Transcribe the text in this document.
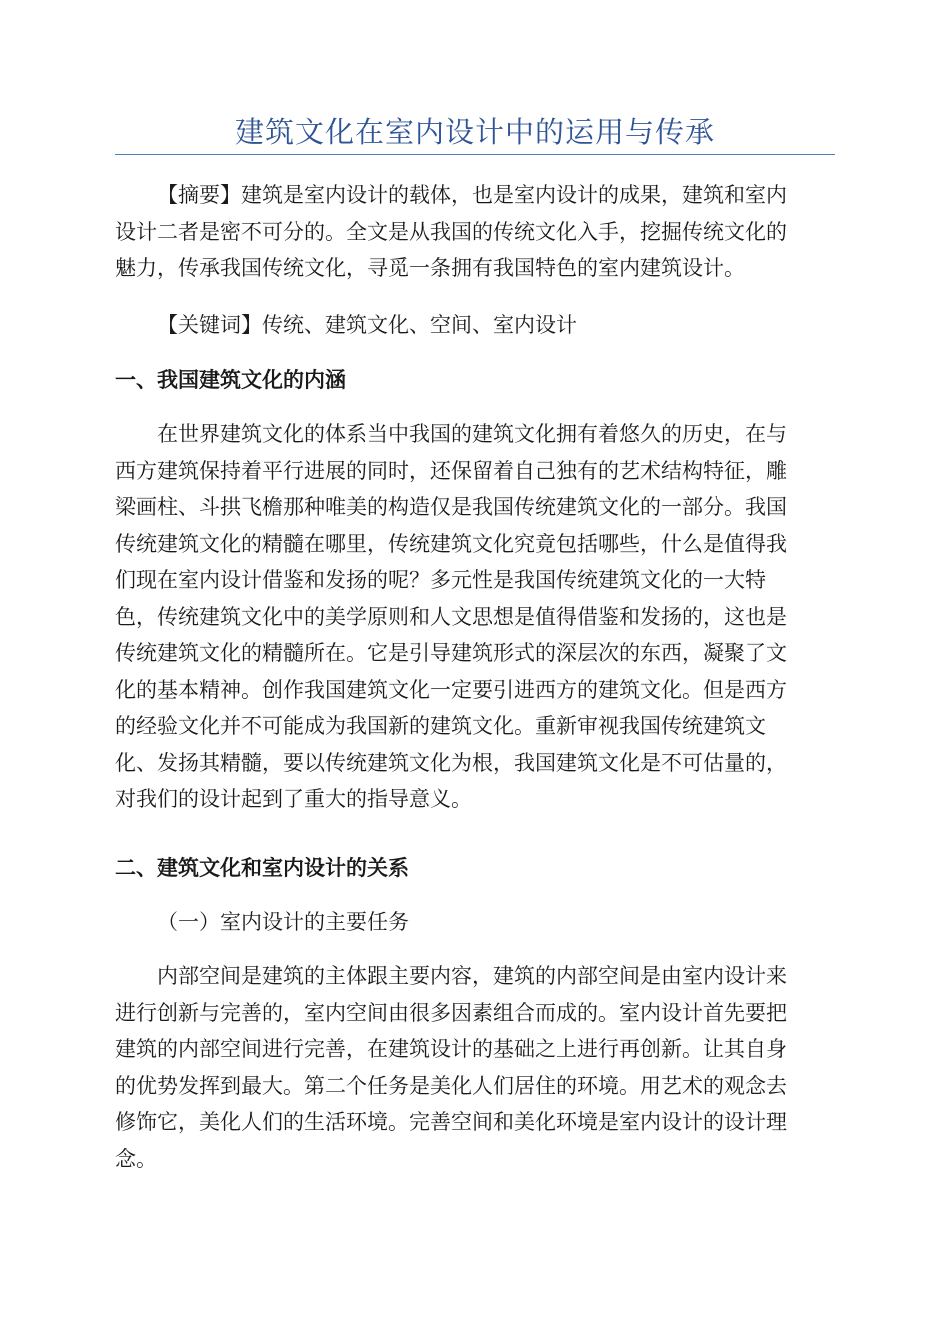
建筑文化在室内设计中的运用与传承

【摘要】建筑是室内设计的载体，也是室内设计的成果，建筑和室内
设计二者是密不可分的。全文是从我国的传统文化入手，挖掘传统文化的
魅力，传承我国传统文化，寻觅一条拥有我国特色的室内建筑设计。

【关键词】传统、建筑文化、空间、室内设计

一、我国建筑文化的内涵

在世界建筑文化的体系当中我国的建筑文化拥有着悠久的历史，在与
西方建筑保持着平行进展的同时，还保留着自己独有的艺术结构特征，雕
梁画柱、斗拱飞檐那种唯美的构造仅是我国传统建筑文化的一部分。我国
传统建筑文化的精髓在哪里，传统建筑文化究竟包括哪些，什么是值得我
们现在室内设计借鉴和发扬的呢？多元性是我国传统建筑文化的一大特
色，传统建筑文化中的美学原则和人文思想是值得借鉴和发扬的，这也是
传统建筑文化的精髓所在。它是引导建筑形式的深层次的东西，凝聚了文
化的基本精神。创作我国建筑文化一定要引进西方的建筑文化。但是西方
的经验文化并不可能成为我国新的建筑文化。重新审视我国传统建筑文
化、发扬其精髓，要以传统建筑文化为根，我国建筑文化是不可估量的，
对我们的设计起到了重大的指导意义。

二、建筑文化和室内设计的关系

（一）室内设计的主要任务

内部空间是建筑的主体跟主要内容，建筑的内部空间是由室内设计来
进行创新与完善的，室内空间由很多因素组合而成的。室内设计首先要把
建筑的内部空间进行完善，在建筑设计的基础之上进行再创新。让其自身
的优势发挥到最大。第二个任务是美化人们居住的环境。用艺术的观念去
修饰它，美化人们的生活环境。完善空间和美化环境是室内设计的设计理
念。
